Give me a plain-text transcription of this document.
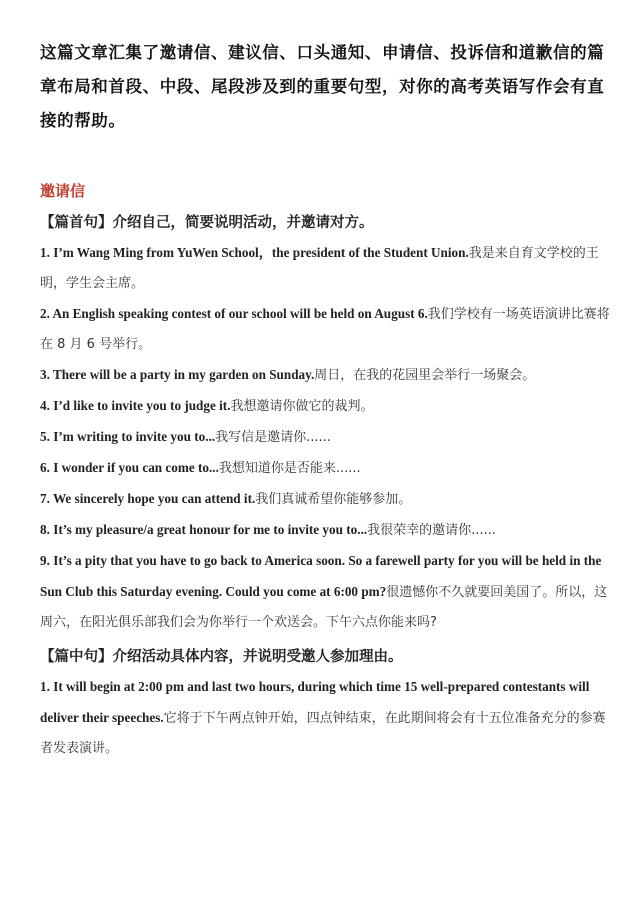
这篇文章汇集了邀请信、建议信、口头通知、申请信、投诉信和道歉信的篇章布局和首段、中段、尾段涉及到的重要句型，对你的高考英语写作会有直接的帮助。

邀请信
【篇首句】介绍自己，简要说明活动，并邀请对方。

1. I’m Wang Ming from YuWen School，the president of the Student Union.我是来自育文学校的王明，学生会主席。

2. An English speaking contest of our school will be held on August 6.我们学校有一场英语演讲比赛将在 8 月 6 号举行。

3. There will be a party in my garden on Sunday.周日，在我的花园里会举行一场聚会。

4. I’d like to invite you to judge it.我想邀请你做它的裁判。

5. I’m writing to invite you to...我写信是邀请你......

6. I wonder if you can come to...我想知道你是否能来......

7. We sincerely hope you can attend it.我们真诚希望你能够参加。

8. It’s my pleasure/a great honour for me to invite you to...我很荣幸的邀请你......

9. It’s a pity that you have to go back to America soon. So a farewell party for you will be held in the Sun Club this Saturday evening. Could you come at 6:00 pm?很遗憾你不久就要回美国了。所以，这周六，在阳光俱乐部我们会为你举行一个欢送会。下午六点你能来吗?

【篇中句】介绍活动具体内容，并说明受邀人参加理由。

1. It will begin at 2:00 pm and last two hours, during which time 15 well-prepared contestants will deliver their speeches.它将于下午两点钟开始，四点钟结束，在此期间将会有十五位准备充分的参赛者发表演讲。
